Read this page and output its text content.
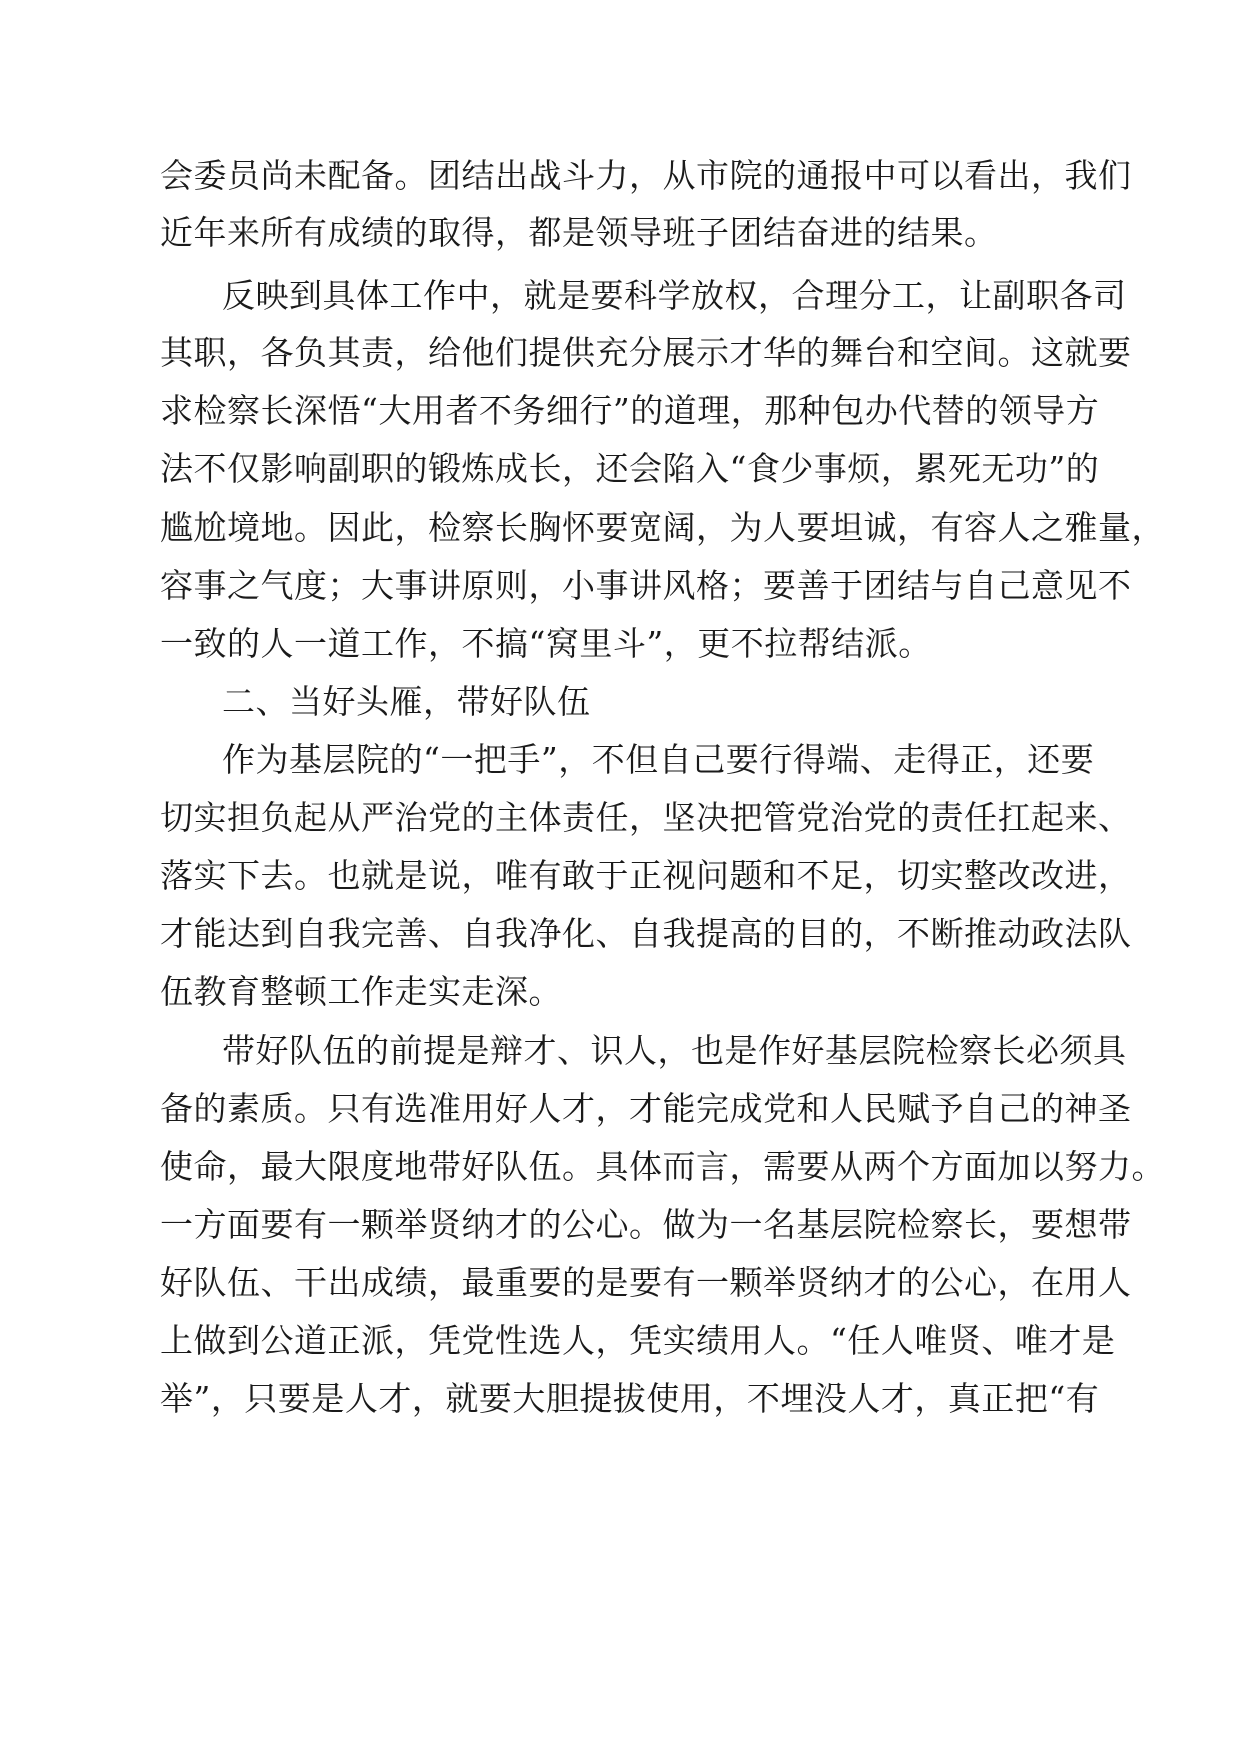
会委员尚未配备。团结出战斗力，从市院的通报中可以看出，我们
近年来所有成绩的取得，都是领导班子团结奋进的结果。
反映到具体工作中，就是要科学放权，合理分工，让副职各司
其职，各负其责，给他们提供充分展示才华的舞台和空间。这就要
求检察长深悟“大用者不务细行”的道理，那种包办代替的领导方
法不仅影响副职的锻炼成长，还会陷入“食少事烦，累死无功”的
尴尬境地。因此，检察长胸怀要宽阔，为人要坦诚，有容人之雅量，
容事之气度；大事讲原则，小事讲风格；要善于团结与自己意见不
一致的人一道工作，不搞“窝里斗”，更不拉帮结派。
二、当好头雁，带好队伍
作为基层院的“一把手”，不但自己要行得端、走得正，还要
切实担负起从严治党的主体责任，坚决把管党治党的责任扛起来、
落实下去。也就是说，唯有敢于正视问题和不足，切实整改改进，
才能达到自我完善、自我净化、自我提高的目的，不断推动政法队
伍教育整顿工作走实走深。
带好队伍的前提是辩才、识人，也是作好基层院检察长必须具
备的素质。只有选准用好人才，才能完成党和人民赋予自己的神圣
使命，最大限度地带好队伍。具体而言，需要从两个方面加以努力。
一方面要有一颗举贤纳才的公心。做为一名基层院检察长，要想带
好队伍、干出成绩，最重要的是要有一颗举贤纳才的公心，在用人
上做到公道正派，凭党性选人，凭实绩用人。“任人唯贤、唯才是
举”，只要是人才，就要大胆提拔使用，不埋没人才，真正把“有
